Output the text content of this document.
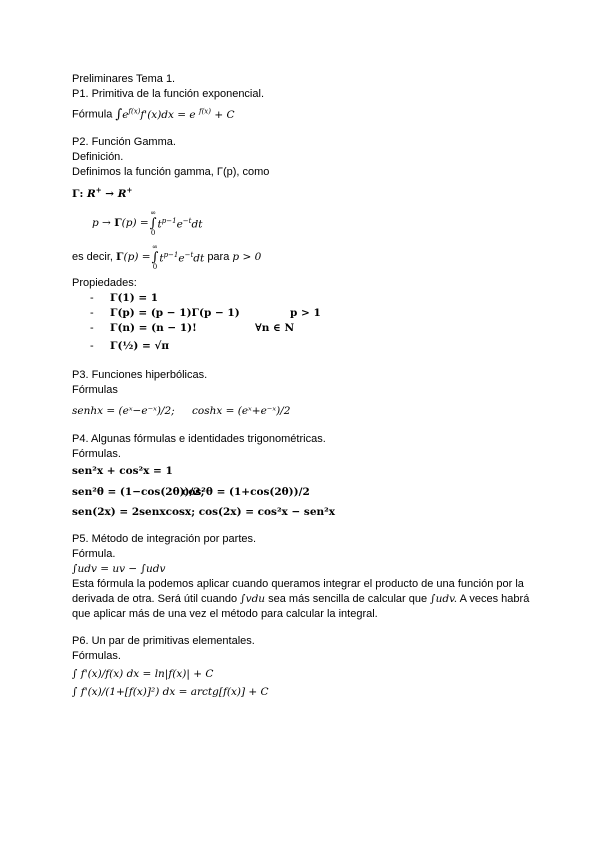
Preliminares Tema 1.
P1. Primitiva de la función exponencial.
Fórmula $\int e^{f(x)}f'(x)dx = e$ $^{f(x)}$ + C
P2. Función Gamma.
Definición.
Definimos la función gamma, Γ(p), como
Γ: R+ → R+
p → Γ(p) =
∞
∫
0
$t^{p-1}e^{-t}dt$
es decir,
Γ(p) =
∞
∫
0
$t^{p-1}e^{-t}dt$
para
p > 0
Propiedades:
-	Γ(1) = 1
-	Γ(p) = (p − 1)Γ(p − 1)	p > 1
-	Γ(n) = (n − 1)!	∀n ∈ N
-	Γ(½) = √π
P3. Funciones hiperbólicas.
Fórmulas
senhx = (eˣ−e⁻ˣ)/2;	coshx = (eˣ+e⁻ˣ)/2
P4. Algunas fórmulas e identidades trigonométricas.
Fórmulas.
sen²x + cos²x = 1
sen²θ = (1−cos(2θ))/2;
cos²θ = (1+cos(2θ))/2
sen(2x) = 2senxcosx; cos(2x) = cos²x − sen²x
P5. Método de integración por partes.
Fórmula.
∫udv = uv − ∫udv
Esta fórmula la podemos aplicar cuando queramos integrar el producto de una función por la derivada de otra. Será útil cuando ∫vdu sea más sencilla de calcular que ∫udv. A veces habrá que aplicar más de una vez el método para calcular la integral.
P6. Un par de primitivas elementales.
Fórmulas.
∫ f'(x)/f(x) dx = ln|f(x)| + C
∫ f'(x)/(1+[f(x)]²) dx = arctg[f(x)] + C
